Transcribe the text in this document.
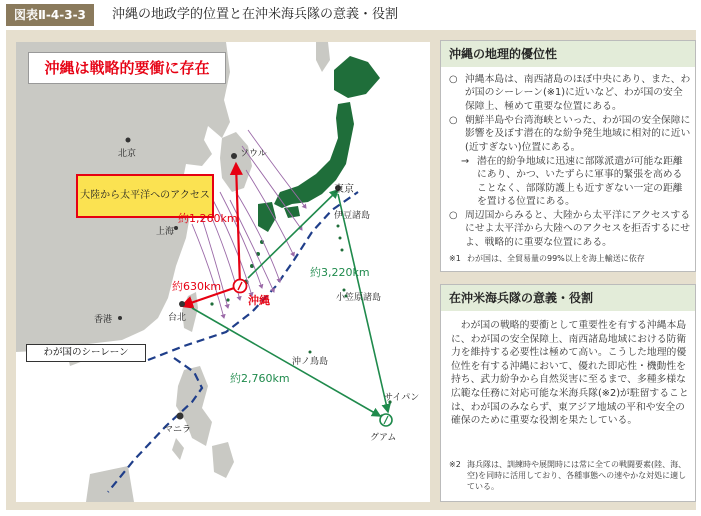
図表Ⅱ-4-3-3	沖縄の地政学的位置と在沖米海兵隊の意義・役割
沖縄は戦略的要衝に存在
大陸から太平洋へのアクセス
わが国のシーレーン
北京	ソウル
上海
香港	台北
マニラ
東京
伊豆諸島
小笠原諸島
沖ノ鳥島
サイパン
グアム
沖縄
約1,260km
約630km
約3,220km
約2,760km
沖縄の地理的優位性
○ 沖縄本島は、南西諸島のほぼ中央にあり、また、わが国のシーレーン(※1)に近いなど、わが国の安全保障上、極めて重要な位置にある。
○ 朝鮮半島や台湾海峡といった、わが国の安全保障に影響を及ぼす潜在的な紛争発生地域に相対的に近い(近すぎない)位置にある。
→ 潜在的紛争地域に迅速に部隊派遣が可能な距離にあり、かつ、いたずらに軍事的緊張を高めることなく、部隊防護上も近すぎない一定の距離を置ける位置にある。
○ 周辺国からみると、大陸から太平洋にアクセスするにせよ太平洋から大陸へのアクセスを拒否するにせよ、戦略的に重要な位置にある。
※1 わが国は、全貿易量の99%以上を海上輸送に依存
在沖米海兵隊の意義・役割
わが国の戦略的要衝として重要性を有する沖縄本島に、わが国の安全保障上、南西諸島地域における防衛力を維持する必要性は極めて高い。こうした地理的優位性を有する沖縄において、優れた即応性・機動性を持ち、武力紛争から自然災害に至るまで、多種多様な広範な任務に対応可能な米海兵隊(※2)が駐留することは、わが国のみならず、東アジア地域の平和や安全の確保のために重要な役割を果たしている。
※2 海兵隊は、訓練時や展開時には常に全ての戦闘要素(陸、海、空)を同時に活用しており、各種事態への速やかな対処に適している。
